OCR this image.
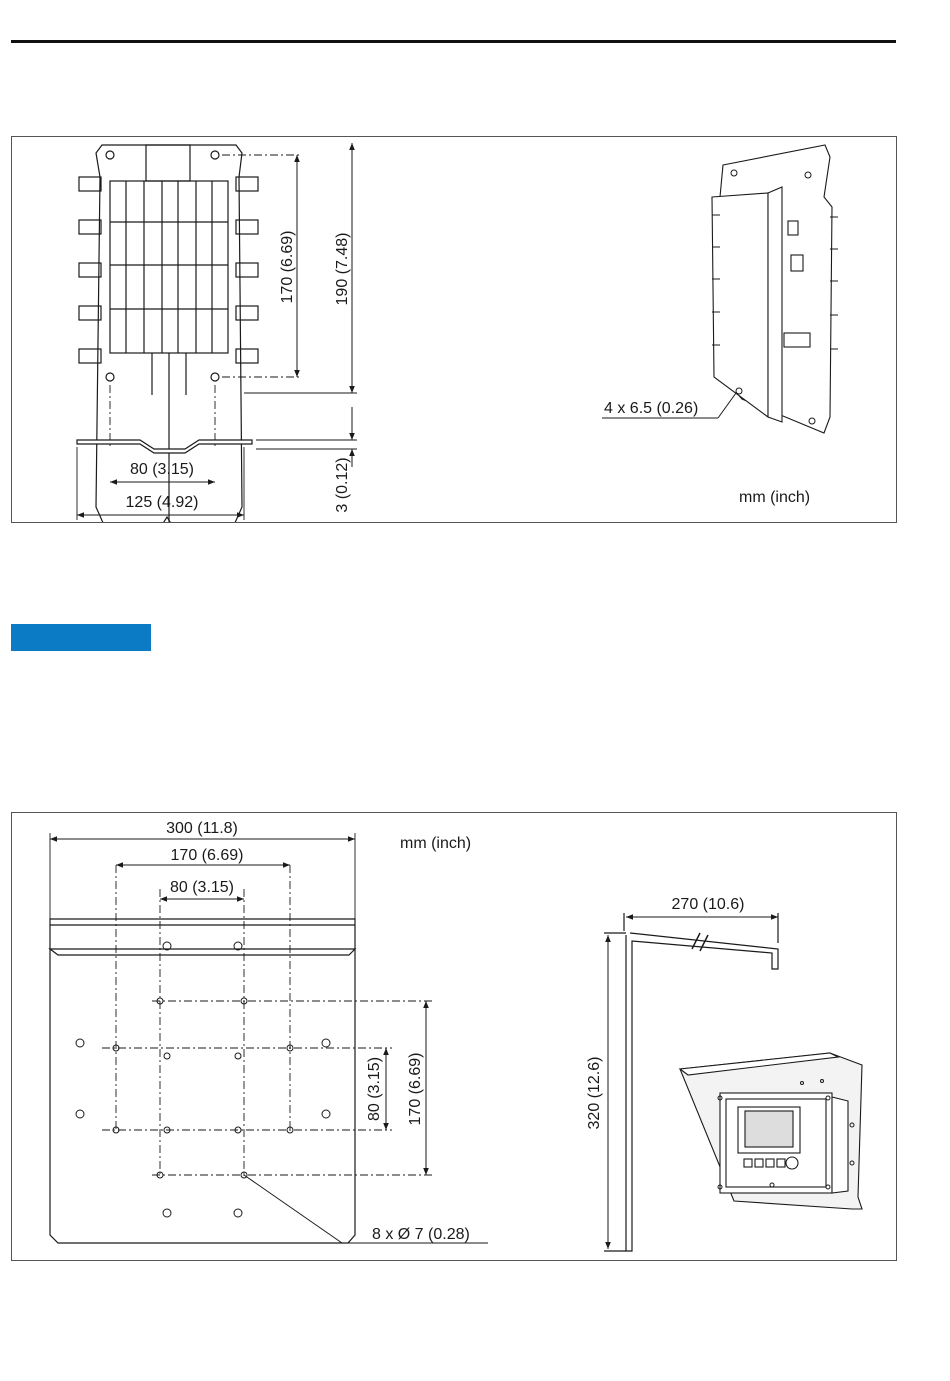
170 (6.69) 190 (7.48)
3 (0.12)
80 (3.15)
125 (4.92)
4 x 6.5 (0.26)
mm (inch)
300 (11.8)
170 (6.69)
80 (3.15)
mm (inch)
80 (3.15) 170 (6.69)
8 x Ø 7 (0.28)
270 (10.6)
320 (12.6)
